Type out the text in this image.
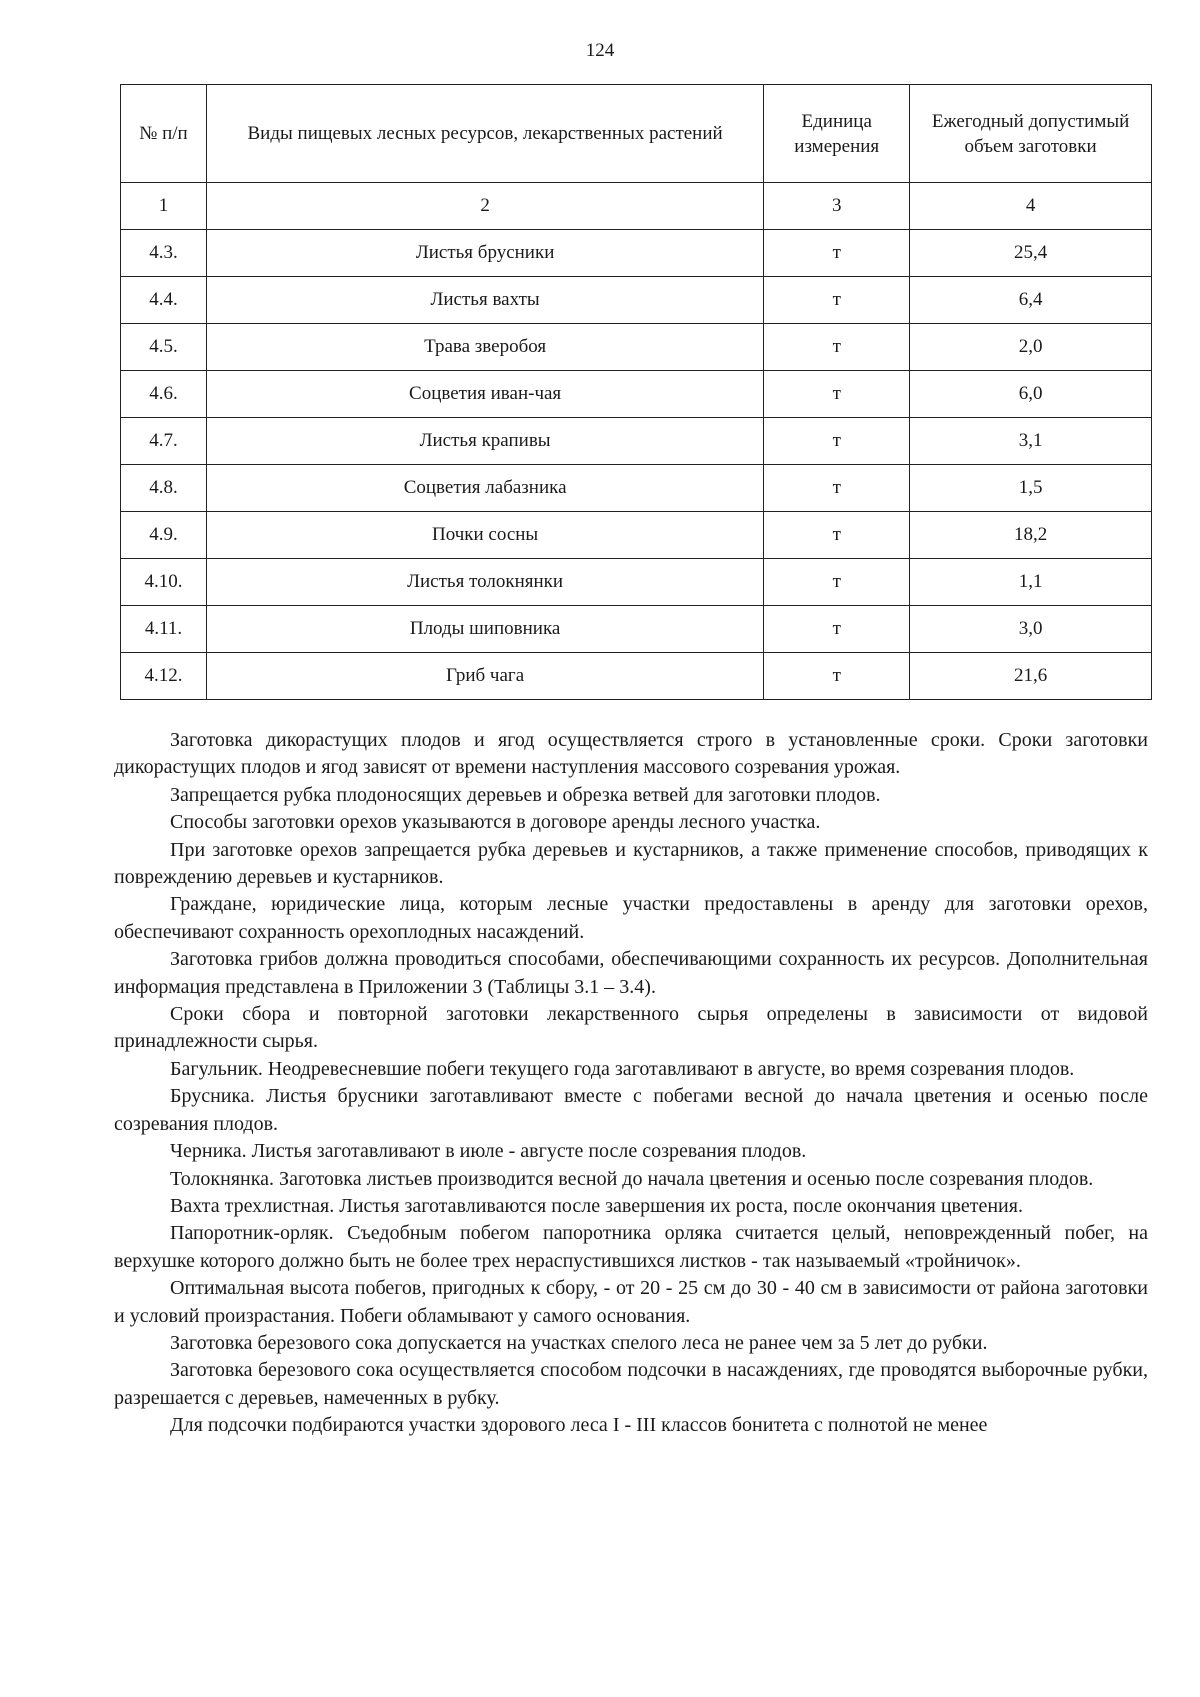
124
№ п/п	Виды пищевых лесных ресурсов, лекарственных растений	Единица измерения	Ежегодный допустимый объем заготовки
1	2	3	4
4.3.	Листья брусники	т	25,4
4.4.	Листья вахты	т	6,4
4.5.	Трава зверобоя	т	2,0
4.6.	Соцветия иван-чая	т	6,0
4.7.	Листья крапивы	т	3,1
4.8.	Соцветия лабазника	т	1,5
4.9.	Почки сосны	т	18,2
4.10.	Листья толокнянки	т	1,1
4.11.	Плоды шиповника	т	3,0
4.12.	Гриб чага	т	21,6

Заготовка дикорастущих плодов и ягод осуществляется строго в установленные сроки. Сроки заготовки дикорастущих плодов и ягод зависят от времени наступления массового созревания урожая.

Запрещается рубка плодоносящих деревьев и обрезка ветвей для заготовки плодов.

Способы заготовки орехов указываются в договоре аренды лесного участка.

При заготовке орехов запрещается рубка деревьев и кустарников, а также применение способов, приводящих к повреждению деревьев и кустарников.

Граждане, юридические лица, которым лесные участки предоставлены в аренду для заготовки орехов, обеспечивают сохранность орехоплодных насаждений.

Заготовка грибов должна проводиться способами, обеспечивающими сохранность их ресурсов. Дополнительная информация представлена в Приложении 3 (Таблицы 3.1 – 3.4).

Сроки сбора и повторной заготовки лекарственного сырья определены в зависимости от видовой принадлежности сырья.

Багульник. Неодревесневшие побеги текущего года заготавливают в августе, во время созревания плодов.

Брусника. Листья брусники заготавливают вместе с побегами весной до начала цветения и осенью после созревания плодов.

Черника. Листья заготавливают в июле - августе после созревания плодов.

Толокнянка. Заготовка листьев производится весной до начала цветения и осенью после созревания плодов.

Вахта трехлистная. Листья заготавливаются после завершения их роста, после окончания цветения.

Папоротник-орляк. Съедобным побегом папоротника орляка считается целый, неповрежденный побег, на верхушке которого должно быть не более трех нераспустившихся листков - так называемый «тройничок».

Оптимальная высота побегов, пригодных к сбору, - от 20 - 25 см до 30 - 40 см в зависимости от района заготовки и условий произрастания. Побеги обламывают у самого основания.

Заготовка березового сока допускается на участках спелого леса не ранее чем за 5 лет до рубки.

Заготовка березового сока осуществляется способом подсочки в насаждениях, где проводятся выборочные рубки, разрешается с деревьев, намеченных в рубку.

Для подсочки подбираются участки здорового леса I - III классов бонитета с полнотой не менее
